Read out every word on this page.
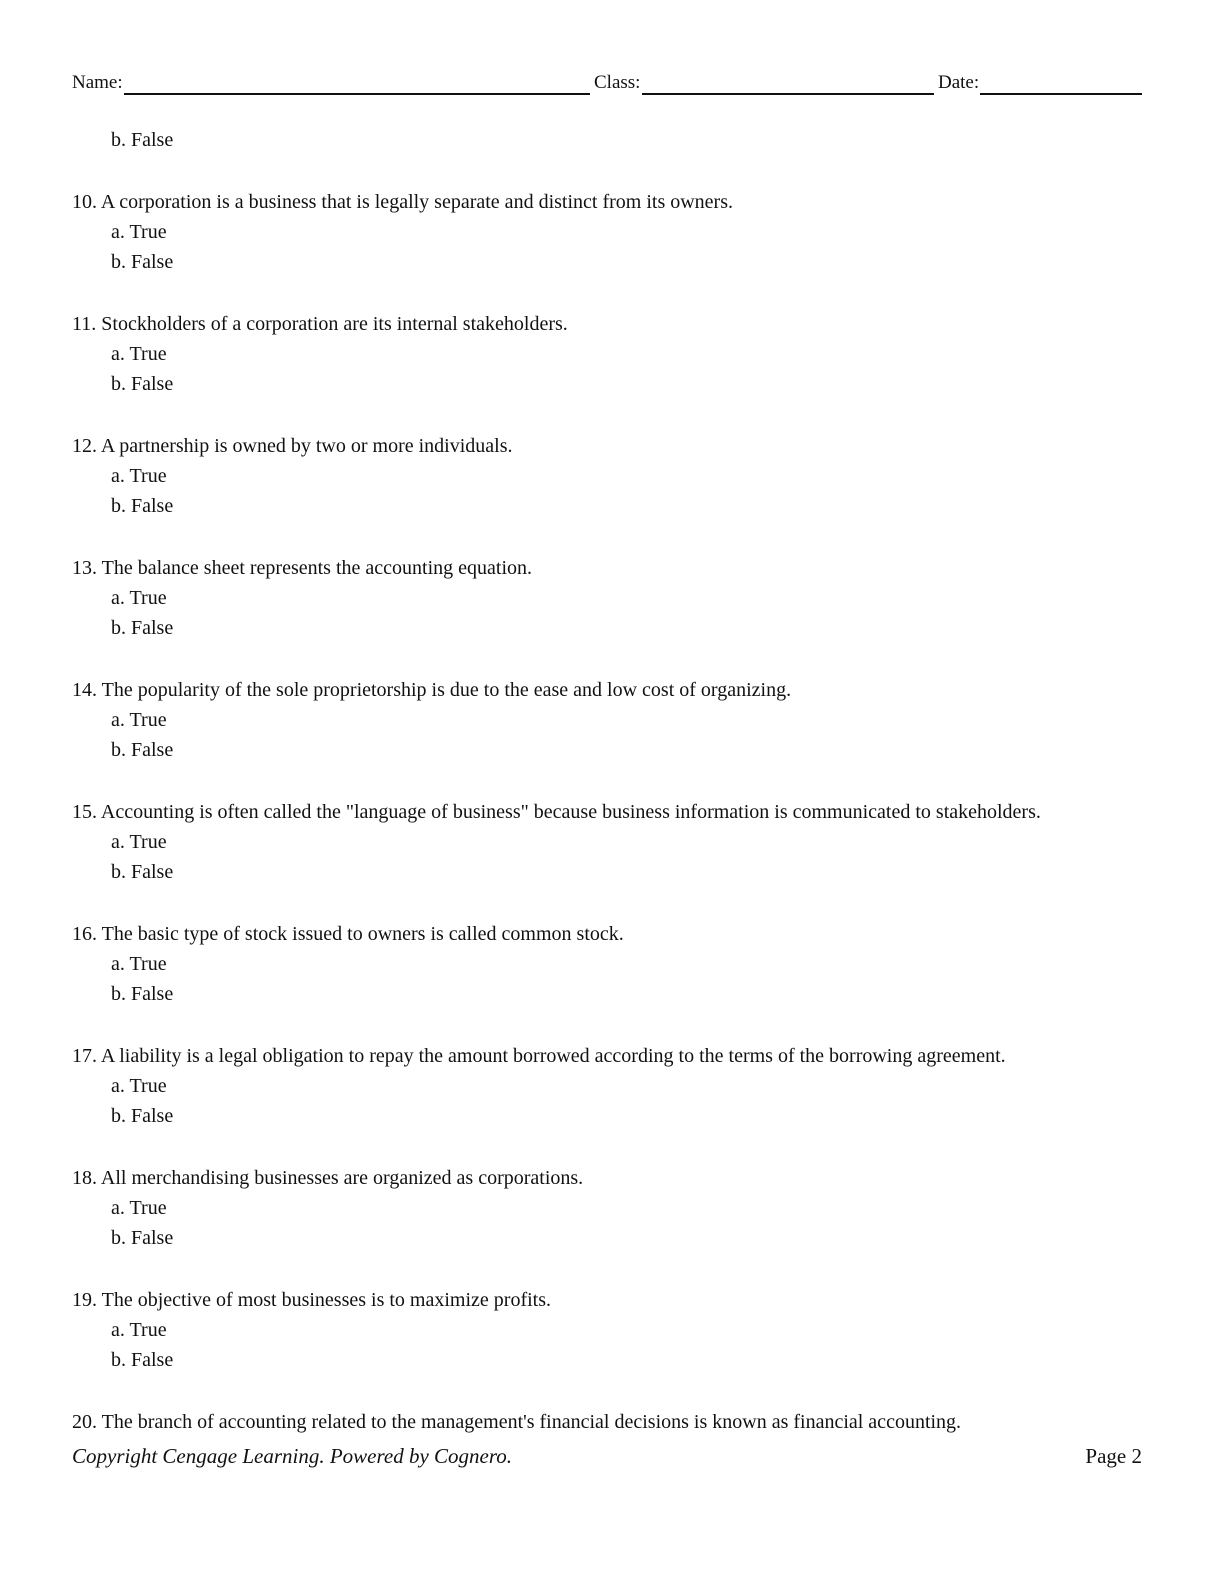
Name:	Class:	Date:
b. False
10. A corporation is a business that is legally separate and distinct from its owners.
a. True
b. False
11. Stockholders of a corporation are its internal stakeholders.
a. True
b. False
12. A partnership is owned by two or more individuals.
a. True
b. False
13. The balance sheet represents the accounting equation.
a. True
b. False
14. The popularity of the sole proprietorship is due to the ease and low cost of organizing.
a. True
b. False
15. Accounting is often called the "language of business" because business information is communicated to stakeholders.
a. True
b. False
16. The basic type of stock issued to owners is called common stock.
a. True
b. False
17. A liability is a legal obligation to repay the amount borrowed according to the terms of the borrowing agreement.
a. True
b. False
18. All merchandising businesses are organized as corporations.
a. True
b. False
19. The objective of most businesses is to maximize profits.
a. True
b. False
20. The branch of accounting related to the management's financial decisions is known as financial accounting.
Copyright Cengage Learning. Powered by Cognero.	Page 2
